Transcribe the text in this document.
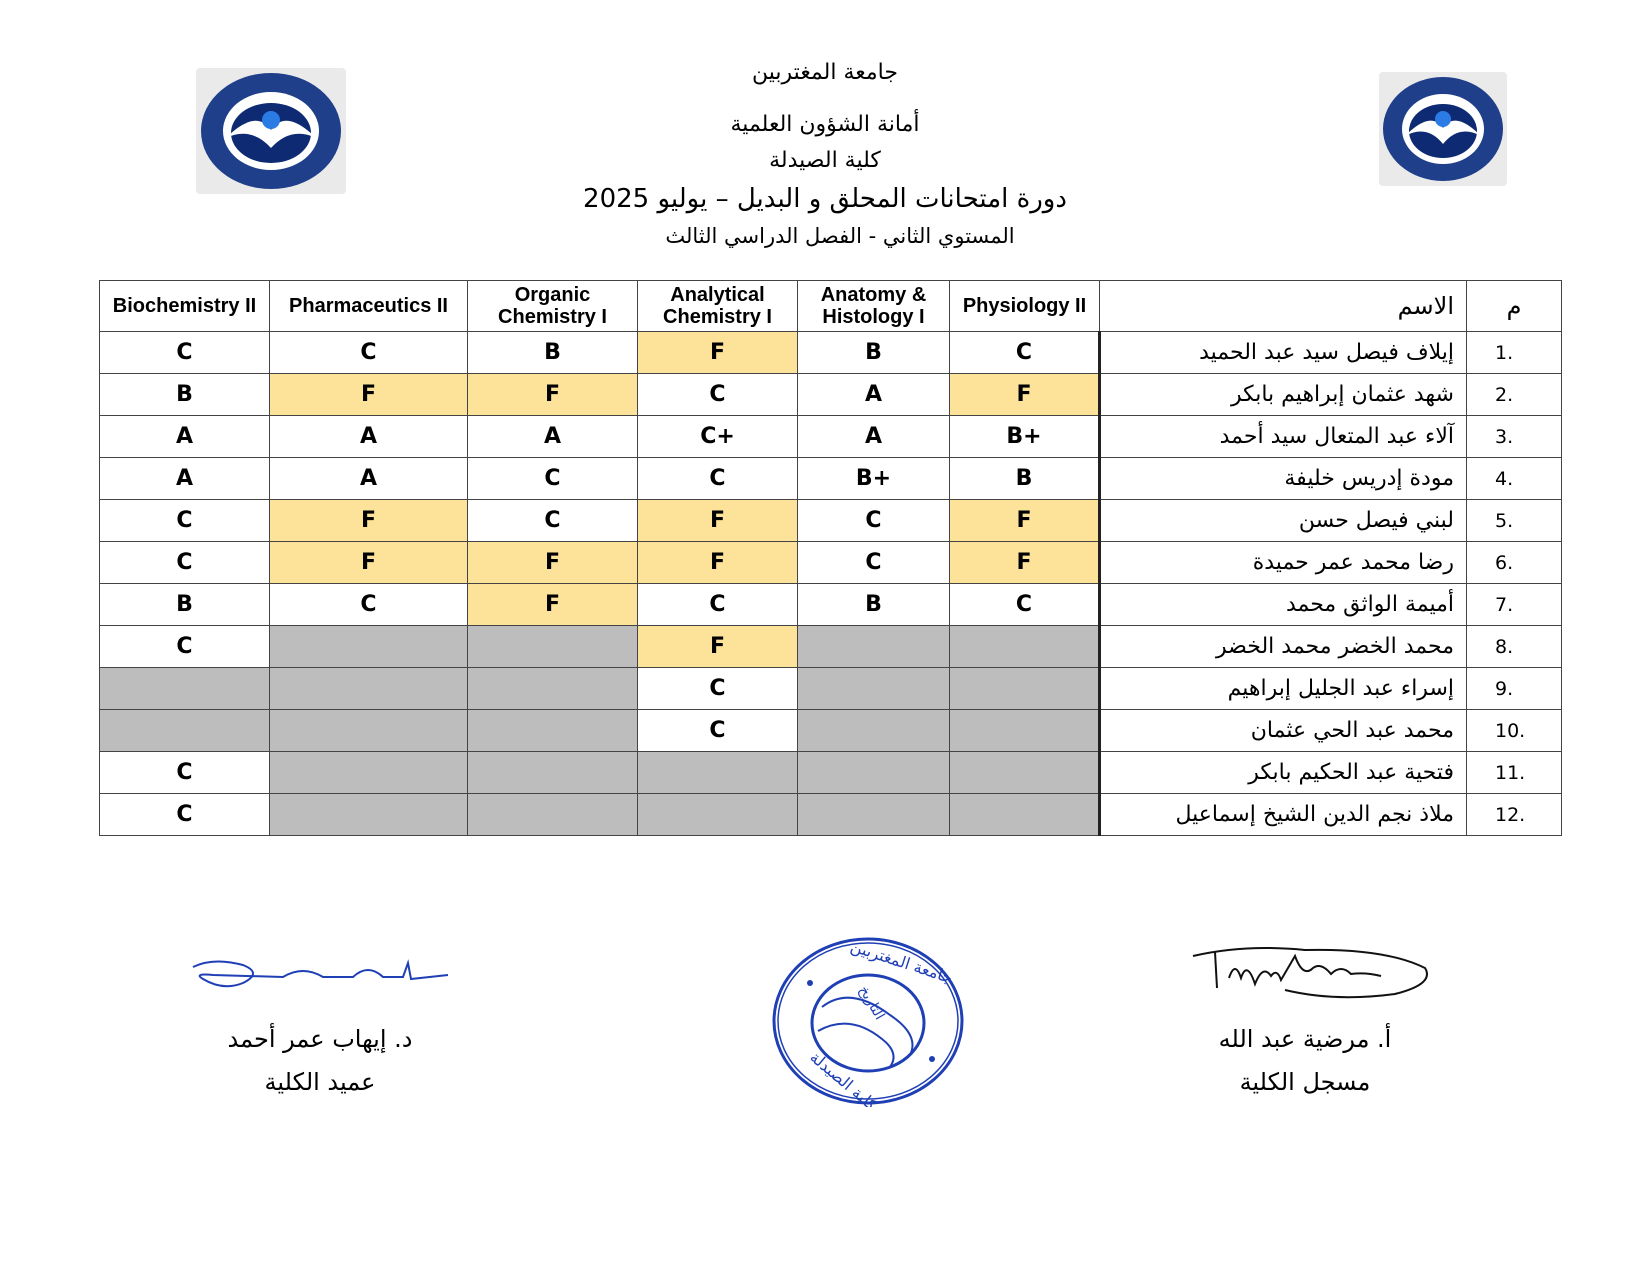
جامعة المغتربين
أمانة الشؤون العلمية
كلية الصيدلة
دورة امتحانات المحلق و البديل – يوليو 2025
المستوي الثاني - الفصل الدراسي الثالث
Biochemistry II	Pharmaceutics II	Organic Chemistry I	Analytical Chemistry I	Anatomy & Histology I	Physiology II	الاسم	م
C	C	B	F	B	C	إيلاف فيصل سيد عبد الحميد	1.
B	F	F	C	A	F	شهد عثمان إبراهيم بابكر	2.
A	A	A	C+	A	B+	آلاء عبد المتعال سيد أحمد	3.
A	A	C	C	B+	B	مودة إدريس خليفة	4.
C	F	C	F	C	F	لبني فيصل حسن	5.
C	F	F	F	C	F	رضا محمد عمر حميدة	6.
B	C	F	C	B	C	أميمة الواثق محمد	7.
C			F			محمد الخضر محمد الخضر	8.
			C			إسراء عبد الجليل إبراهيم	9.
			C			محمد عبد الحي عثمان	10.
C						فتحية عبد الحكيم بابكر	11.
C						ملاذ نجم الدين الشيخ إسماعيل	12.
د. إيهاب عمر أحمد
عميد الكلية
جامعة المغتربين
كلية الصيدلة
التاريخ
أ. مرضية عبد الله
مسجل الكلية
